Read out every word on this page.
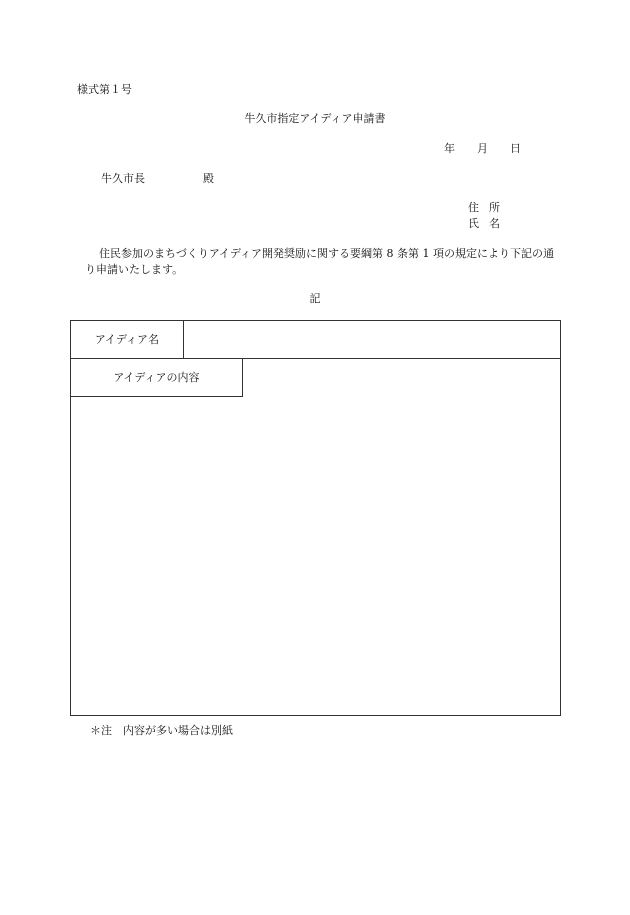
様式第１号
牛久市指定アイディア申請書
年 月 日
牛久市長	殿
住所
氏名
住民参加のまちづくりアイディア開発奨励に関する要綱第 8 条第 1 項の規定により下記の通り申請いたします。
記
アイディア名
アイディアの内容
＊注　内容が多い場合は別紙
